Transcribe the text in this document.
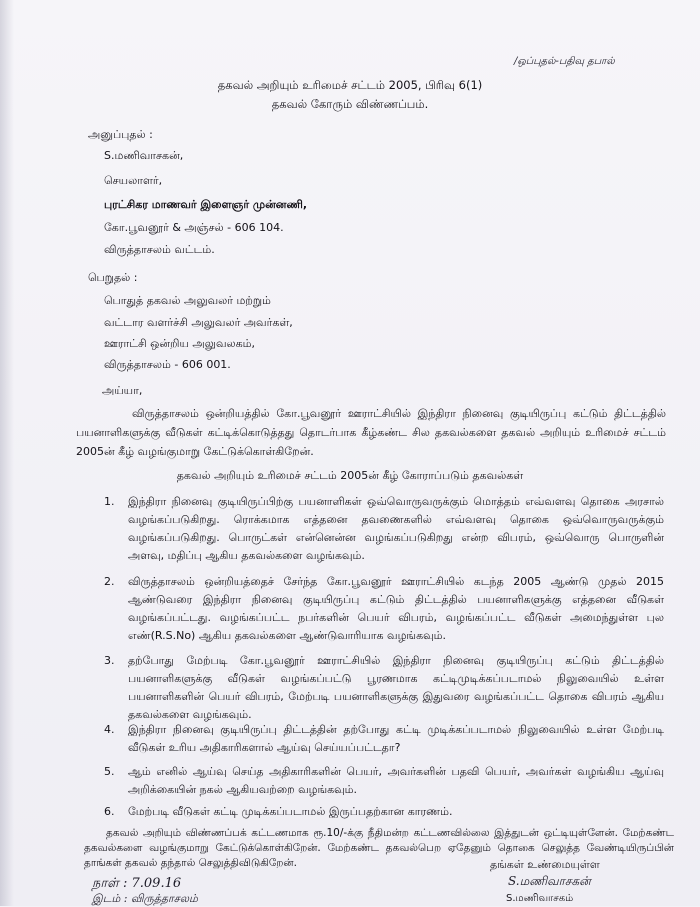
/ஒப்புதல்-பதிவு தபால்
தகவல் அறியும் உரிமைச் சட்டம் 2005, பிரிவு 6(1)
தகவல் கோரும் விண்ணப்பம்.
அனுப்புதல் :
S.மணிவாசகன்,
செயலாளர்,
புரட்சிகர மாணவர் இளைஞர் முன்னணி,
கோ.பூவனூர் & அஞ்சல் - 606 104.
விருத்தாசலம் வட்டம்.
பெறுதல் :
பொதுத் தகவல் அலுவலர் மற்றும்
வட்டார வளர்ச்சி அலுவலர் அவர்கள்,
ஊராட்சி ஒன்றிய அலுவலகம்,
விருத்தாசலம் - 606 001.
அய்யா,
விருத்தாசலம் ஒன்றியத்தில் கோ.பூவனூர் ஊராட்சியில் இந்திரா நினைவு குடியிருப்பு கட்டும் திட்டத்தில் பயனாளிகளுக்கு வீடுகள் கட்டிக்கொடுத்தது தொடர்பாக கீழ்கண்ட சில தகவல்களை தகவல் அறியும் உரிமைச் சட்டம் 2005ன் கீழ் வழங்குமாறு கேட்டுக்கொள்கிறேன்.
தகவல் அறியும் உரிமைச் சட்டம் 2005ன் கீழ் கோராப்படும் தகவல்கள்
1.	இந்திரா நினைவு குடியிருப்பிற்கு பயனாளிகள் ஒவ்வொருவருக்கும் மொத்தம் எவ்வளவு தொகை அரசால் வழங்கப்படுகிறது. ரொக்கமாக எத்தனை தவணைகளில் எவ்வளவு தொகை ஒவ்வொருவருக்கும் வழங்கப்படுகிறது. பொருட்கள் என்னென்ன வழங்கப்படுகிறது என்ற விபரம், ஒவ்வொரு பொருளின் அளவு, மதிப்பு ஆகிய தகவல்களை வழங்கவும்.
2.	விருத்தாசலம் ஒன்றியத்தைச் சேர்ந்த கோ.பூவனூர் ஊராட்சியில் கடந்த 2005 ஆண்டு முதல் 2015 ஆண்டுவரை இந்திரா நினைவு குடியிருப்பு கட்டும் திட்டத்தில் பயனாளிகளுக்கு எத்தனை வீடுகள் வழங்கப்பட்டது. வழங்கப்பட்ட நபர்களின் பெயர் விபரம், வழங்கப்பட்ட வீடுகள் அமைந்துள்ள புல எண்(R.S.No) ஆகிய தகவல்களை ஆண்டுவாரியாக வழங்கவும்.
3.	தற்போது மேற்படி கோ.பூவனூர் ஊராட்சியில் இந்திரா நினைவு குடியிருப்பு கட்டும் திட்டத்தில் பயனாளிகளுக்கு வீடுகள் வழங்கப்பட்டு பூரணமாக கட்டிமுடிக்கப்படாமல் நிலுவையில் உள்ள பயனாளிகளின் பெயர் விபரம், மேற்படி பயனாளிகளுக்கு இதுவரை வழங்கப்பட்ட தொகை விபரம் ஆகிய தகவல்களை வழங்கவும்.
4.	இந்திரா நினைவு குடியிருப்பு திட்டத்தின் தற்போது கட்டி முடிக்கப்படாமல் நிலுவையில் உள்ள மேற்படி வீடுகள் உரிய அதிகாரிகளால் ஆய்வு செய்யப்பட்டதா?
5.	ஆம் எனில் ஆய்வு செய்த அதிகாரிகளின் பெயர், அவர்களின் பதவி பெயர், அவர்கள் வழங்கிய ஆய்வு அறிக்கையின் நகல் ஆகியவற்றை வழங்கவும்.
6.	மேற்படி வீடுகள் கட்டி முடிக்கப்படாமல் இருப்பதற்கான காரணம்.
தகவல் அறியும் விண்ணப்பக் கட்டணமாக ரூ.10/-க்கு நீதிமன்ற கட்டணவில்லை இத்துடன் ஒட்டியுள்ளேன். மேற்கண்ட தகவல்களை வழங்குமாறு கேட்டுக்கொள்கிறேன். மேற்கண்ட தகவல்பெற ஏதேனும் தொகை செலுத்த வேண்டியிருப்பின் தாங்கள் தகவல் தந்தால் செலுத்திவிடுகிறேன்.
நாள் : 7.09.16
இடம் : விருத்தாசலம்
தங்கள் உண்மையுள்ள
S.மணிவாசகன்
S.மணிவாசகம்
